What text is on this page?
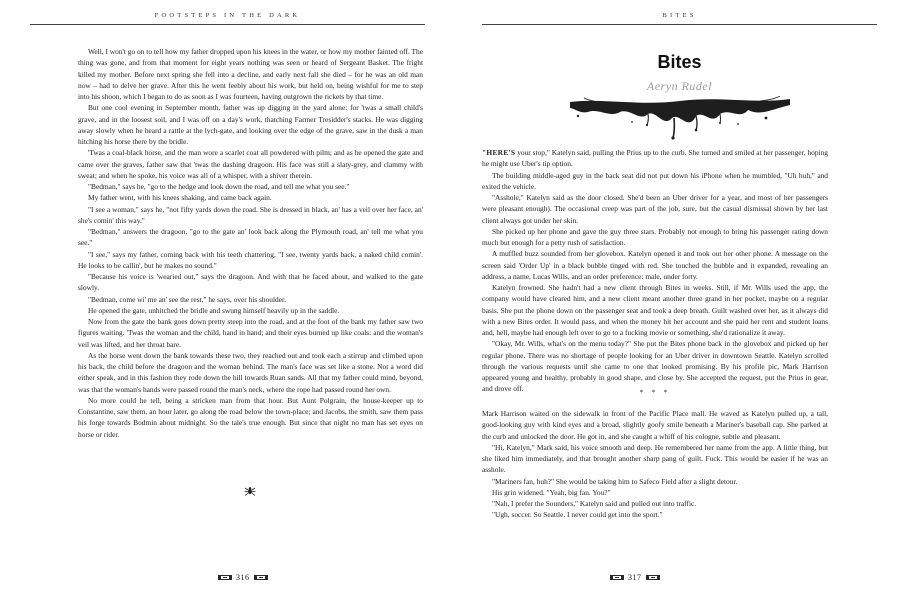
FOOTSTEPS IN THE DARK

Well, I won't go on to tell how my father dropped upon his knees in the water, or how my mother fainted off. The thing was gone, and from that moment for eight years nothing was seen or heard of Sergeant Basket. The fright killed my mother. Before next spring she fell into a decline, and early next fall she died – for he was an old man now – had to delve her grave. After this he went feebly about his work, but held on, being wishful for me to step into his shoon, which I began to do as soon as I was fourteen, having outgrown the rickets by that time.

But one cool evening in September month, father was up digging in the yard alone: for 'twas a small child's grave, and in the loosest soil, and I was off on a day's work, thatching Farmer Tresidder's stacks. He was digging away slowly when he heard a rattle at the lych-gate, and looking over the edge of the grave, saw in the dusk a man hitching his horse there by the bridle.

'Twas a coal-black horse, and the man wore a scarlet coat all powdered with pilm; and as he opened the gate and came over the graves, father saw that 'twas the dashing dragoon. His face was still a slaty-grey, and clammy with sweat; and when he spoke, his voice was all of a whisper, with a shiver therein.

"Bedman," says he, "go to the hedge and look down the road, and tell me what you see."

My father went, with his knees shaking, and came back again.

"I see a woman," says he, "not fifty yards down the road. She is dressed in black, an' has a veil over her face, an' she's comin' this way."

"Bedman," answers the dragoon, "go to the gate an' look back along the Plymouth road, an' tell me what you see."

"I see," says my father, coming back with his teeth chattering, "I see, twenty yards back, a naked child comin'. He looks to be callin', but he makes no sound."

"Because his voice is 'wearied out," says the dragoon. And with that he faced about, and walked to the gate slowly.

"Bedman, come wi' me an' see the rest," he says, over his shoulder.

He opened the gate, unhitched the bridle and swung himself heavily up in the saddle.

Now from the gate the bank goes down pretty steep into the road, and at the foot of the bank my father saw two figures waiting. 'Twas the woman and the child, hand in hand; and their eyes burned up like coals: and the woman's veil was lifted, and her throat bare.

As the horse went down the bank towards these two, they reached out and took each a stirrup and climbed upon his back, the child before the dragoon and the woman behind. The man's face was set like a stone. Not a word did either speak, and in this fashion they rode down the hill towards Ruan sands. All that my father could mind, beyond, was that the woman's hands were passed round the man's neck, where the rope had passed round her own.

No more could he tell, being a stricken man from that hour. But Aunt Polgrain, the house-keeper up to Constantine, saw them, an hour later, go along the road below the town-place; and Jacobs, the smith, saw them pass his forge towards Bodmin about midnight. So the tale's true enough. But since that night no man has set eyes on horse or rider.

316
BITES
Bites
Aeryn Rudel

"HERE'S your stop," Katelyn said, pulling the Prius up to the curb. She turned and smiled at her passenger, hoping he might use Uber's tip option.

The building middle-aged guy in the back seat did not put down his iPhone when he mumbled, "Uh huh," and exited the vehicle.

"Asshole," Katelyn said as the door closed. She'd been an Uber driver for a year, and most of her passengers were pleasant enough). The occasional creep was part of the job, sure, but the casual dismissal shown by her last client always got under her skin.

She picked up her phone and gave the guy three stars. Probably not enough to bring his passenger rating down much but enough for a petty rush of satisfaction.

A muffled buzz sounded from her glovebox. Katelyn opened it and took out her other phone. A message on the screen said 'Order Up' in a black bubble tinged with red. She touched the bubble and it expanded, revealing an address, a name, Lucas Wills, and an order preference: male, under forty.

Katelyn frowned. She hadn't had a new client through Bites in weeks. Still, if Mr. Wills used the app, the company would have cleared him, and a new client meant another three grand in her pocket, maybe on a regular basis. She put the phone down on the passenger seat and took a deep breath. Guilt washed over her, as it always did with a new Bites order. It would pass, and when the money hit her account and she paid her rent and student loans and, hell, maybe had enough left over to go to a fucking movie or something, she'd rationalize it away.

"Okay, Mr. Wills, what's on the menu today?" She put the Bites phone back in the glovebox and picked up her regular phone. There was no shortage of people looking for an Uber driver in downtown Seattle. Katelyn scrolled through the various requests until she came to one that looked promising. By his profile pic, Mark Harrison appeared young and healthy, probably in good shape, and close by. She accepted the request, put the Prius in gear, and drove off.	* * *

Mark Harrison waited on the sidewalk in front of the Pacific Place mall. He waved as Katelyn pulled up, a tall, good-looking guy with kind eyes and a broad, slightly goofy smile beneath a Mariner's baseball cap. She parked at the curb and unlocked the door. He got in, and she caught a whiff of his cologne, subtle and pleasant.

"Hi, Katelyn," Mark said, his voice smooth and deep. He remembered her name from the app. A little thing, but she liked him immediately, and that brought another sharp pang of guilt. Fuck. This would be easier if he was an asshole.

"Mariners fan, huh?" She would be taking him to Safeco Field after a slight detour.

His grin widened. "Yeah, big fan. You?"

"Nah, I prefer the Sounders," Katelyn said and pulled out into traffic.

"Ugh, soccer. So Seattle. I never could get into the sport."

317
